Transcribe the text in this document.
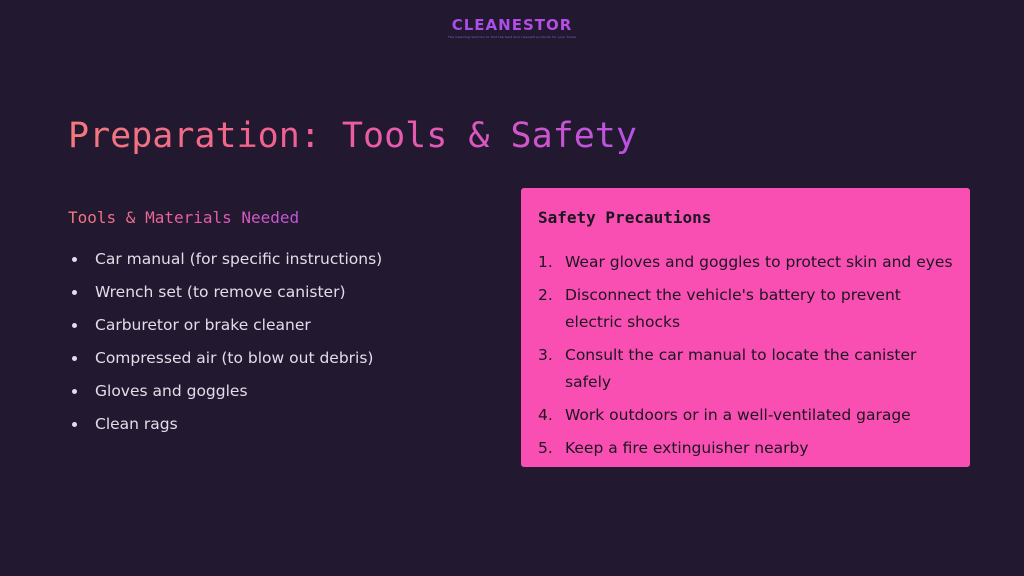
CLEANESTOR
The Cleaning Solution to find the best and cleanest products for your home
Preparation: Tools & Safety
Tools & Materials Needed
Car manual (for specific instructions)
Wrench set (to remove canister)
Carburetor or brake cleaner
Compressed air (to blow out debris)
Gloves and goggles
Clean rags
Safety Precautions
1. Wear gloves and goggles to protect skin and eyes
2. Disconnect the vehicle's battery to prevent electric shocks
3. Consult the car manual to locate the canister safely
4. Work outdoors or in a well-ventilated garage
5. Keep a fire extinguisher nearby
